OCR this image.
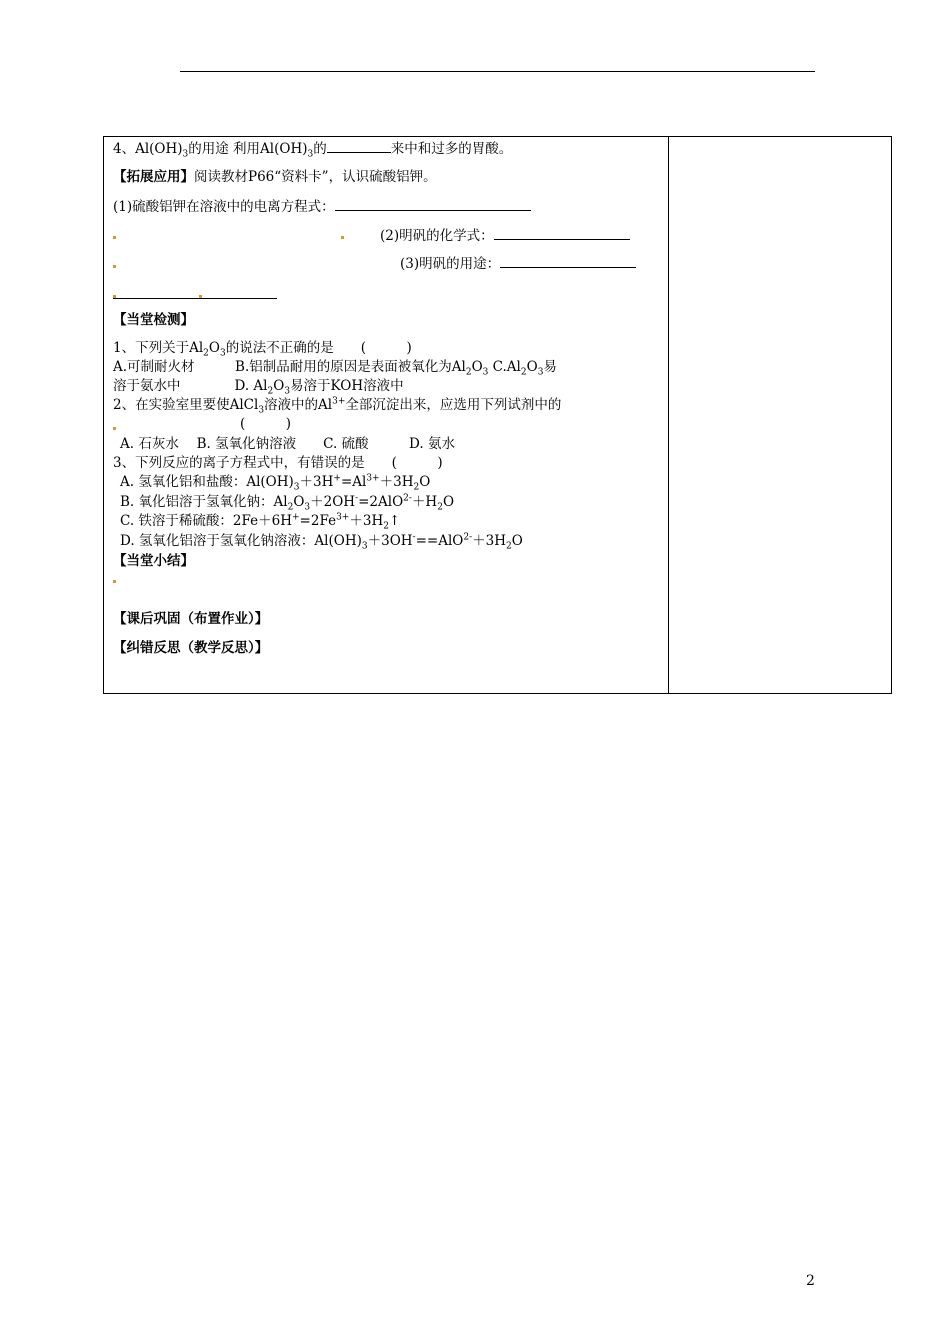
4、$Al(OH)_3$的用途 利用$Al(OH)_3$的	来中和过多的胃酸。
【拓展应用】阅读教材P66“资料卡”，认识硫酸铝钾。
(1)硫酸铝钾在溶液中的电离方程式：
(2)明矾的化学式：
(3)明矾的用途：
【当堂检测】
1、下列关于$Al_2O_3$的说法不正确的是　　(　　　)
A.可制耐火材　　　B.铝制品耐用的原因是表面被氧化为$Al_2O_3$ $C.Al_2O_3$易
溶于氨水中　　　　D. $Al_2O_3$易溶于KOH溶液中
2、在实验室里要使AlCl$_3$溶液中的$Al^{3+}$全部沉淀出来，应选用下列试剂中的
(　　　)
A. 石灰水　 B. 氢氧化钠溶液　　C. 硫酸　　　D. 氨水
3、下列反应的离子方程式中，有错误的是　　(　　　)
A. 氢氧化铝和盐酸：$Al(OH)_3+3H^+=Al^{3+}+3H_2O$
B. 氧化铝溶于氢氧化钠：$Al_2O_3+2OH^-=2AlO^{2-}+H_2O$
C. 铁溶于稀硫酸：$2Fe+6H^+=2Fe^{3+}+3H_2↑$
D. 氢氧化铝溶于氢氧化钠溶液：$Al(OH)_3+3OH^-==AlO^{2-}+3H_2O$
【当堂小结】
【课后巩固（布置作业）】
【纠错反思（教学反思）】
2
